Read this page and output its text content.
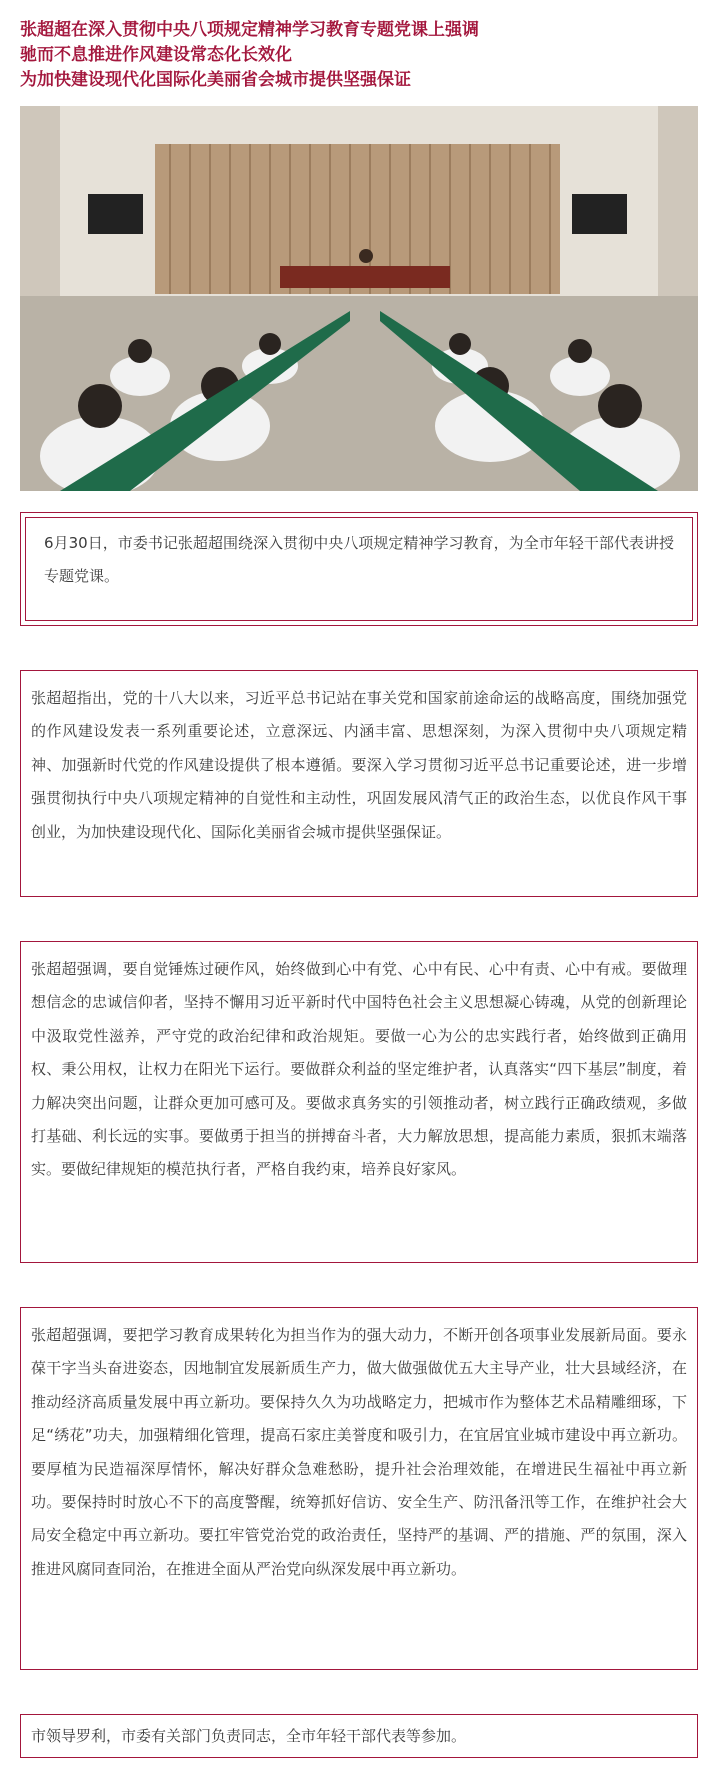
张超超在深入贯彻中央八项规定精神学习教育专题党课上强调
驰而不息推进作风建设常态化长效化
为加快建设现代化国际化美丽省会城市提供坚强保证

6月30日，市委书记张超超围绕深入贯彻中央八项规定精神学习教育，为全市年轻干部代表讲授专题党课。

张超超指出，党的十八大以来，习近平总书记站在事关党和国家前途命运的战略高度，围绕加强党的作风建设发表一系列重要论述，立意深远、内涵丰富、思想深刻，为深入贯彻中央八项规定精神、加强新时代党的作风建设提供了根本遵循。要深入学习贯彻习近平总书记重要论述，进一步增强贯彻执行中央八项规定精神的自觉性和主动性，巩固发展风清气正的政治生态，以优良作风干事创业，为加快建设现代化、国际化美丽省会城市提供坚强保证。

张超超强调，要自觉锤炼过硬作风，始终做到心中有党、心中有民、心中有责、心中有戒。要做理想信念的忠诚信仰者，坚持不懈用习近平新时代中国特色社会主义思想凝心铸魂，从党的创新理论中汲取党性滋养，严守党的政治纪律和政治规矩。要做一心为公的忠实践行者，始终做到正确用权、秉公用权，让权力在阳光下运行。要做群众利益的坚定维护者，认真落实“四下基层”制度，着力解决突出问题，让群众更加可感可及。要做求真务实的引领推动者，树立践行正确政绩观，多做打基础、利长远的实事。要做勇于担当的拼搏奋斗者，大力解放思想，提高能力素质，狠抓末端落实。要做纪律规矩的模范执行者，严格自我约束，培养良好家风。

张超超强调，要把学习教育成果转化为担当作为的强大动力，不断开创各项事业发展新局面。要永葆干字当头奋进姿态，因地制宜发展新质生产力，做大做强做优五大主导产业，壮大县域经济，在推动经济高质量发展中再立新功。要保持久久为功战略定力，把城市作为整体艺术品精雕细琢，下足“绣花”功夫，加强精细化管理，提高石家庄美誉度和吸引力，在宜居宜业城市建设中再立新功。要厚植为民造福深厚情怀，解决好群众急难愁盼，提升社会治理效能，在增进民生福祉中再立新功。要保持时时放心不下的高度警醒，统筹抓好信访、安全生产、防汛备汛等工作，在维护社会大局安全稳定中再立新功。要扛牢管党治党的政治责任，坚持严的基调、严的措施、严的氛围，深入推进风腐同查同治，在推进全面从严治党向纵深发展中再立新功。

市领导罗利，市委有关部门负责同志，全市年轻干部代表等参加。
